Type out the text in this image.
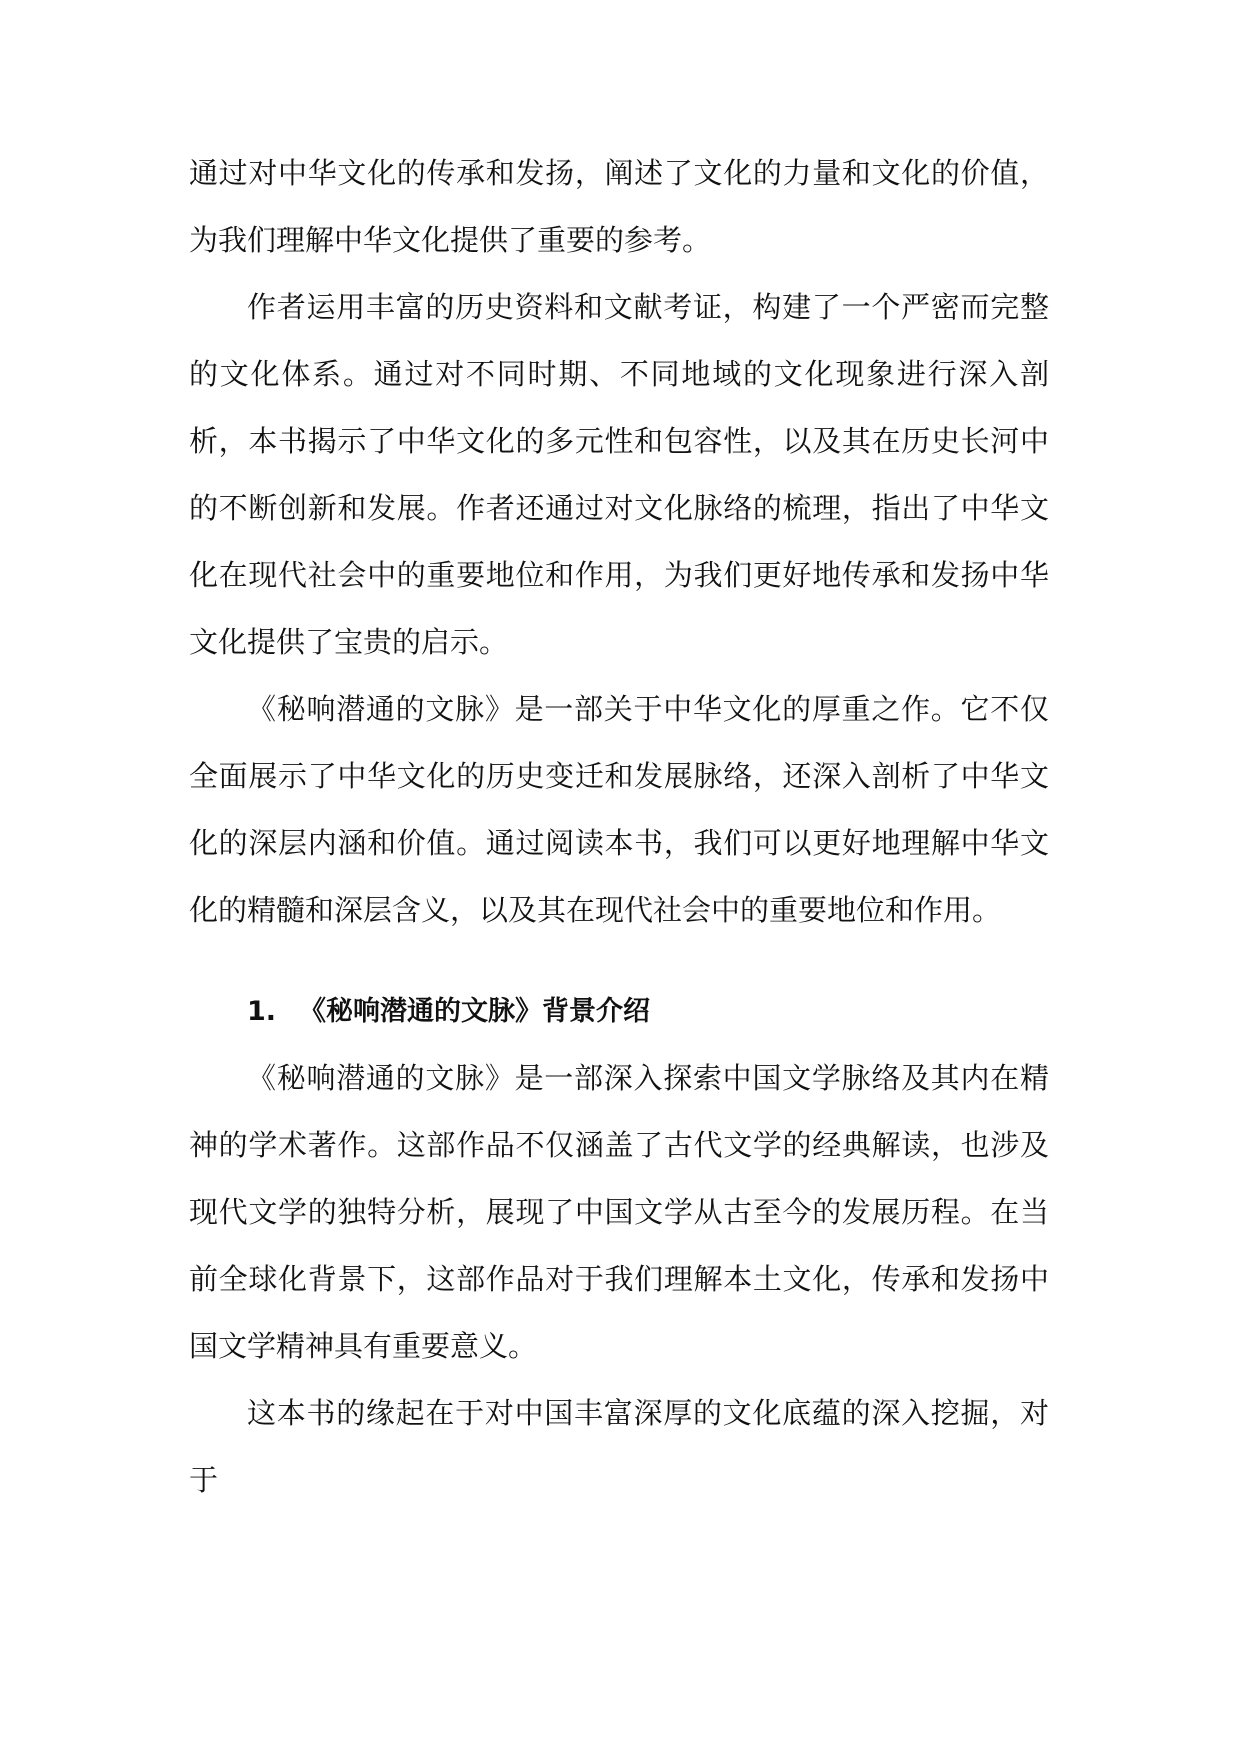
通过对中华文化的传承和发扬，阐述了文化的力量和文化的价值，为我们理解中华文化提供了重要的参考。

作者运用丰富的历史资料和文献考证，构建了一个严密而完整的文化体系。通过对不同时期、不同地域的文化现象进行深入剖析，本书揭示了中华文化的多元性和包容性，以及其在历史长河中的不断创新和发展。作者还通过对文化脉络的梳理，指出了中华文化在现代社会中的重要地位和作用，为我们更好地传承和发扬中华文化提供了宝贵的启示。

《秘响潜通的文脉》是一部关于中华文化的厚重之作。它不仅全面展示了中华文化的历史变迁和发展脉络，还深入剖析了中华文化的深层内涵和价值。通过阅读本书，我们可以更好地理解中华文化的精髓和深层含义，以及其在现代社会中的重要地位和作用。

1. 《秘响潜通的文脉》背景介绍

《秘响潜通的文脉》是一部深入探索中国文学脉络及其内在精神的学术著作。这部作品不仅涵盖了古代文学的经典解读，也涉及现代文学的独特分析，展现了中国文学从古至今的发展历程。在当前全球化背景下，这部作品对于我们理解本土文化，传承和发扬中国文学精神具有重要意义。

这本书的缘起在于对中国丰富深厚的文化底蕴的深入挖掘，对于
